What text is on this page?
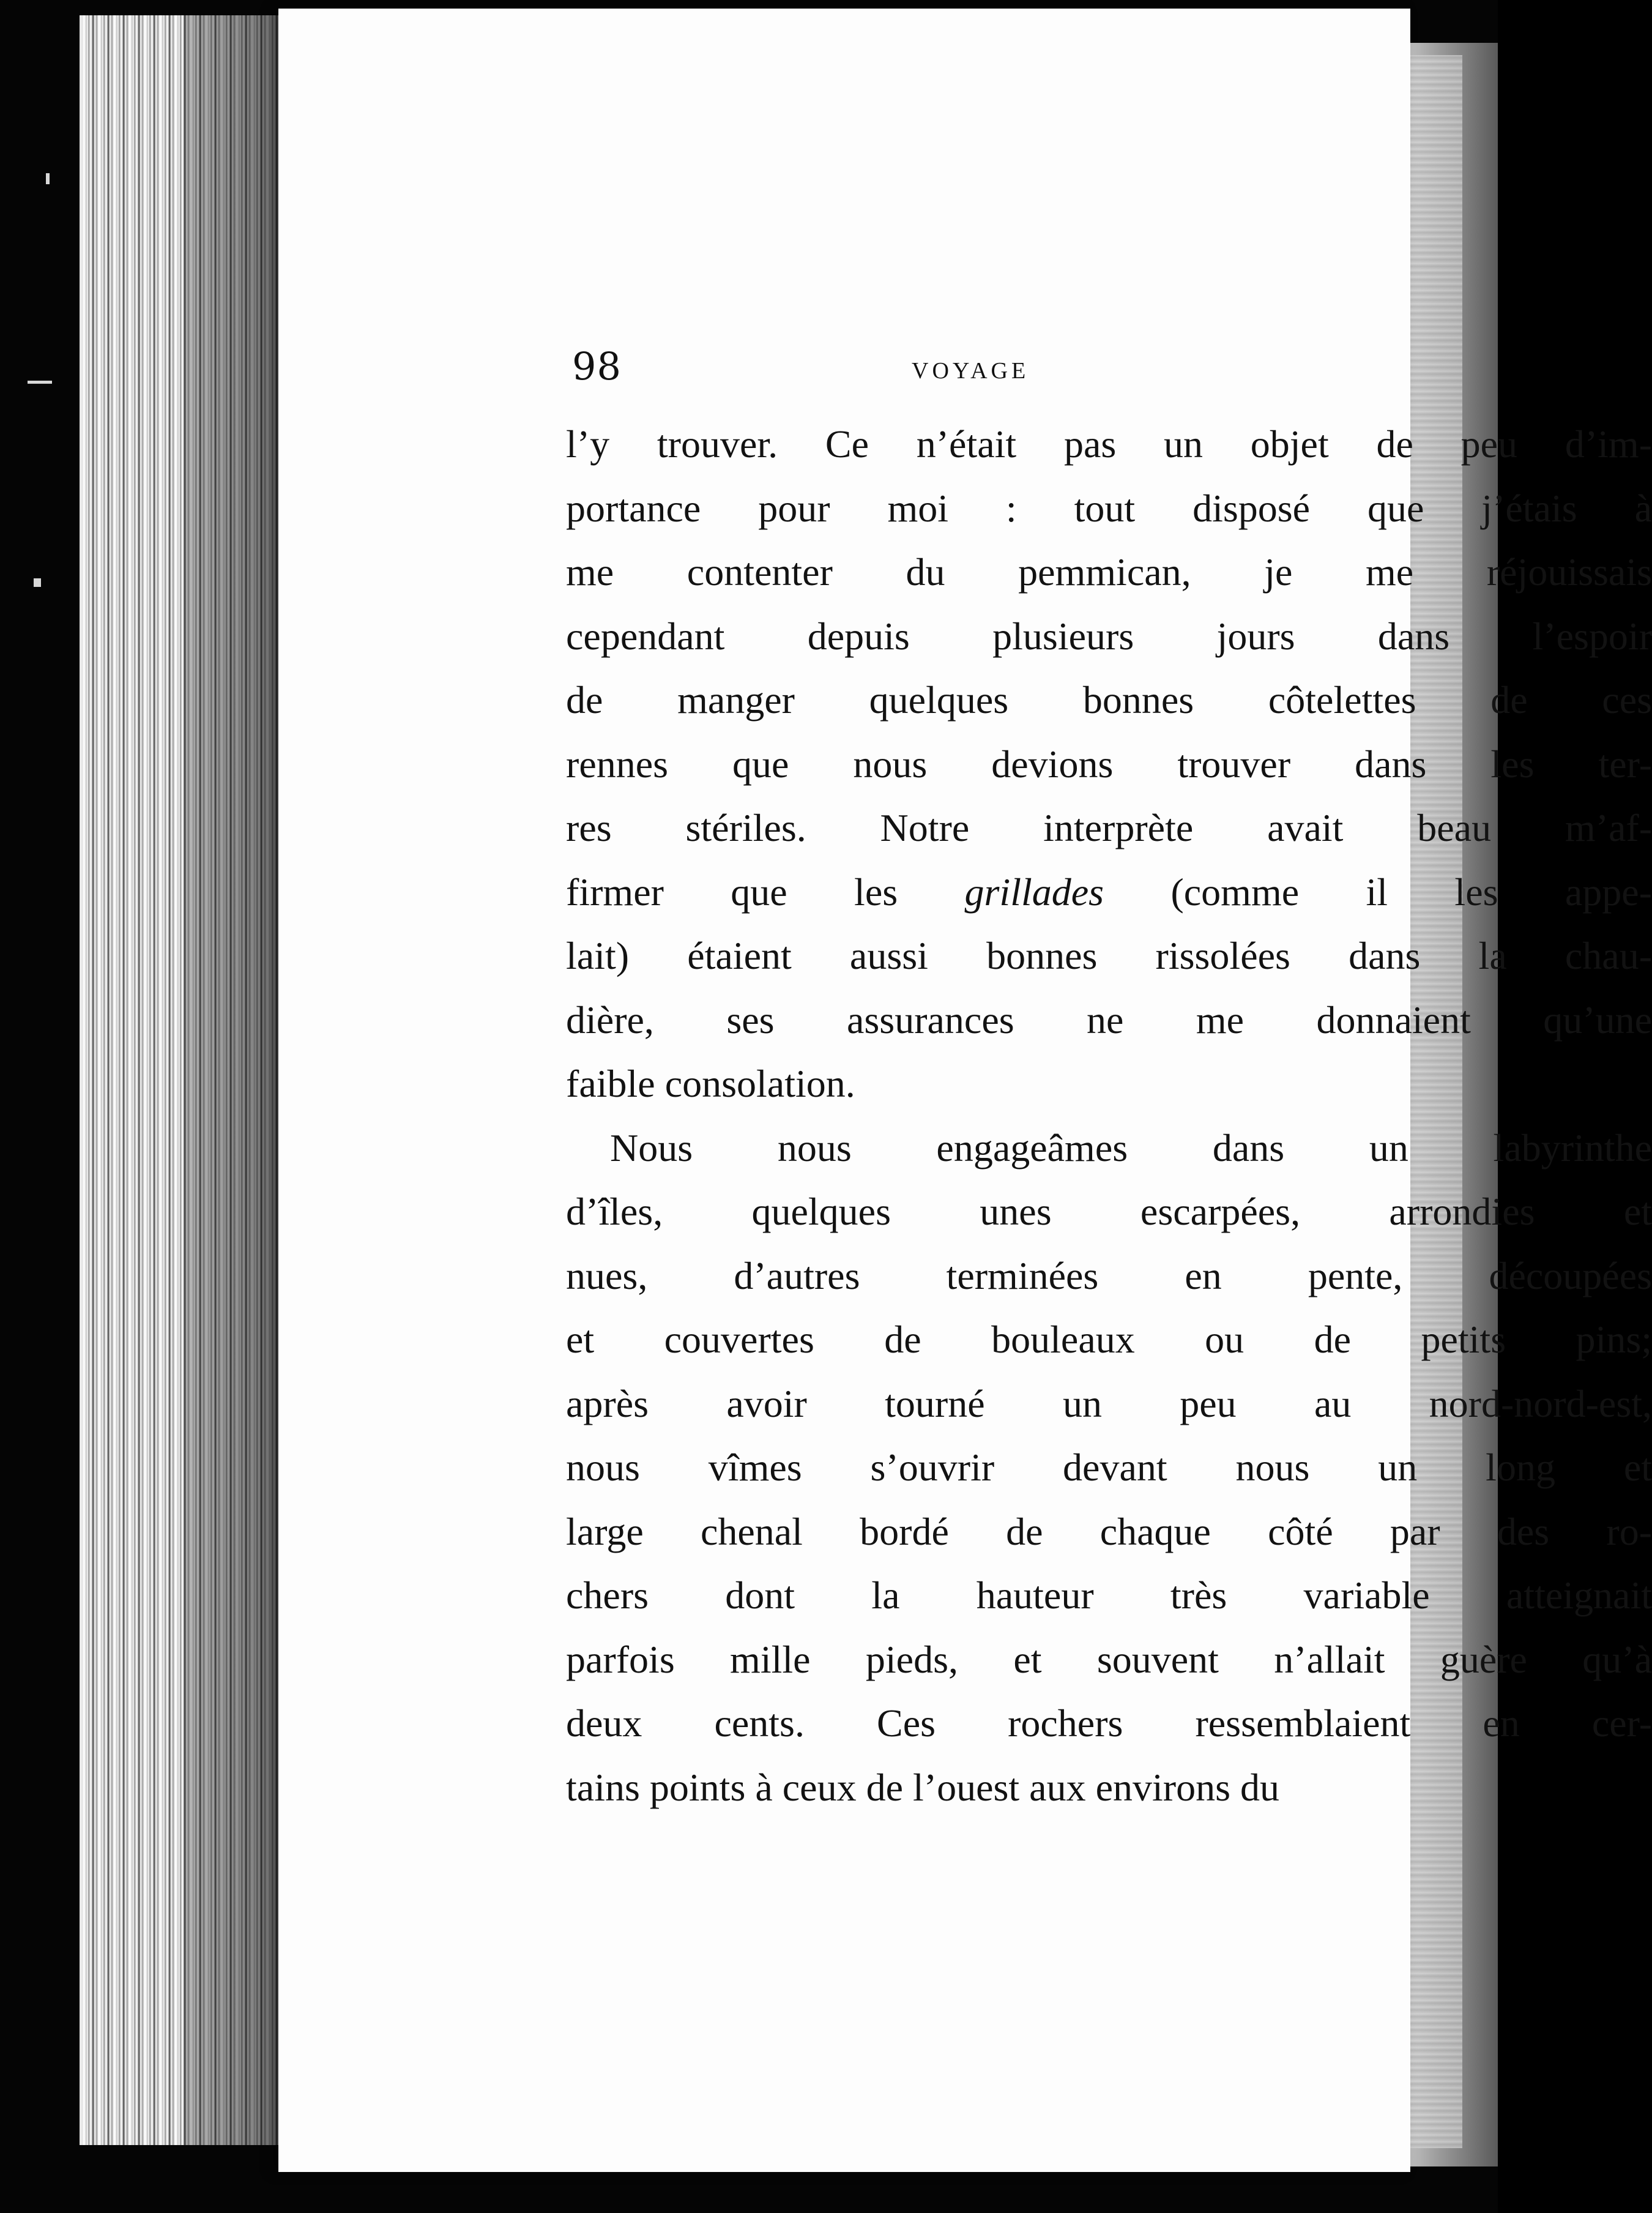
98	VOYAGE
l’y trouver. Ce n’était pas un objet de peu d’im-
portance pour moi : tout disposé que j’étais à
me contenter du pemmican, je me réjouissais
cependant depuis plusieurs jours dans l’espoir
de manger quelques bonnes côtelettes de ces
rennes que nous devions trouver dans les ter-
res stériles. Notre interprète avait beau m’af-
firmer que les grillades (comme il les appe-
lait) étaient aussi bonnes rissolées dans la chau-
dière, ses assurances ne me donnaient qu’une
faible consolation.
Nous nous engageâmes dans un labyrinthe
d’îles, quelques unes escarpées, arrondies et
nues, d’autres terminées en pente, découpées
et couvertes de bouleaux ou de petits pins;
après avoir tourné un peu au nord-nord-est,
nous vîmes s’ouvrir devant nous un long et
large chenal bordé de chaque côté par des ro-
chers dont la hauteur très variable atteignait
parfois mille pieds, et souvent n’allait guère qu’à
deux cents. Ces rochers ressemblaient en cer-
tains points à ceux de l’ouest aux environs du
